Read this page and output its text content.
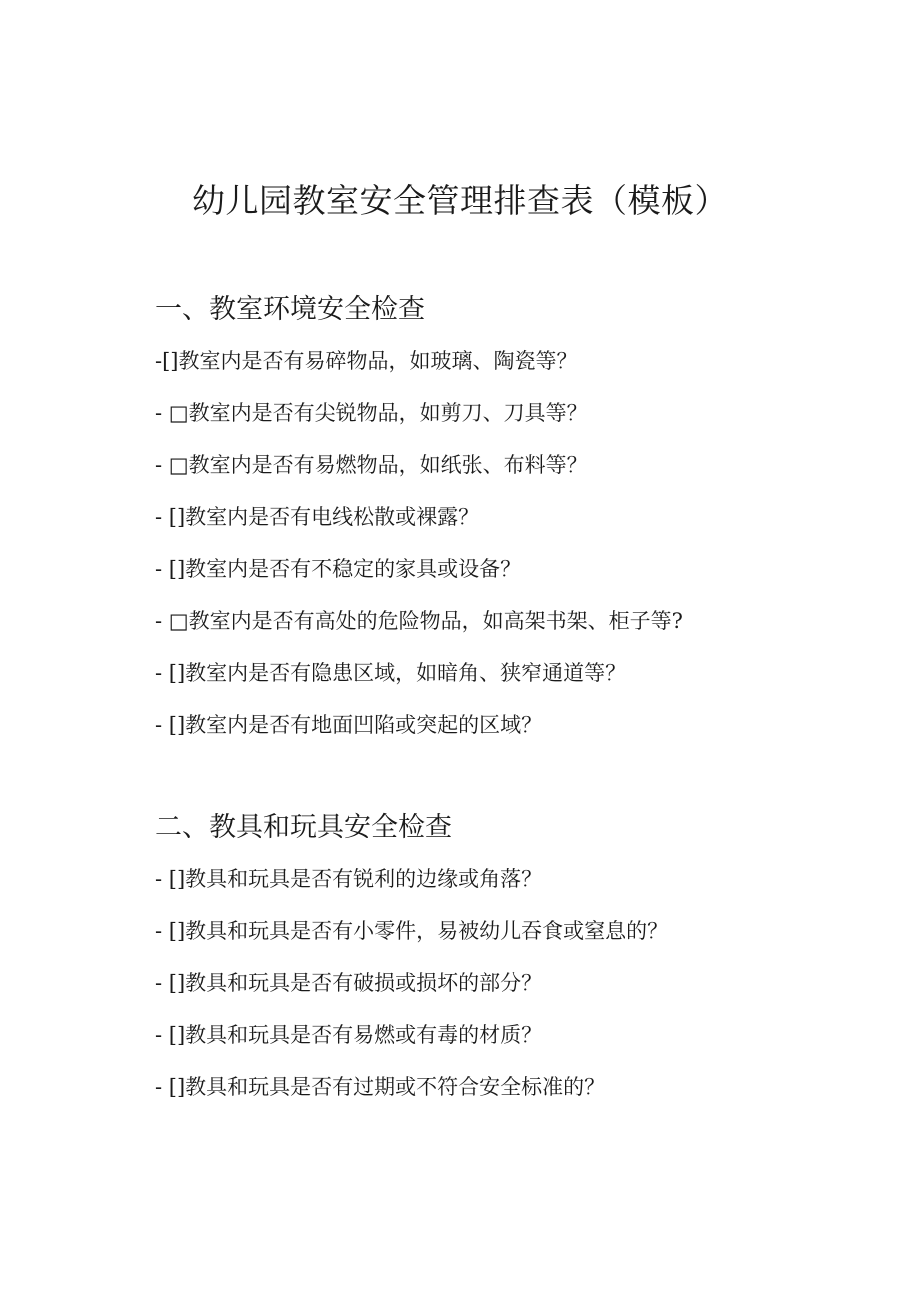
幼儿园教室安全管理排查表（模板）
一、教室环境安全检查
-[]教室内是否有易碎物品，如玻璃、陶瓷等？
- □教室内是否有尖锐物品，如剪刀、刀具等？
- □教室内是否有易燃物品，如纸张、布料等？
- []教室内是否有电线松散或裸露？
- []教室内是否有不稳定的家具或设备？
- □教室内是否有高处的危险物品，如高架书架、柜子等?
- []教室内是否有隐患区域，如暗角、狭窄通道等？
- []教室内是否有地面凹陷或突起的区域？
二、教具和玩具安全检查
- []教具和玩具是否有锐利的边缘或角落？
- []教具和玩具是否有小零件，易被幼儿吞食或窒息的？
- []教具和玩具是否有破损或损坏的部分？
- []教具和玩具是否有易燃或有毒的材质？
- []教具和玩具是否有过期或不符合安全标准的？
